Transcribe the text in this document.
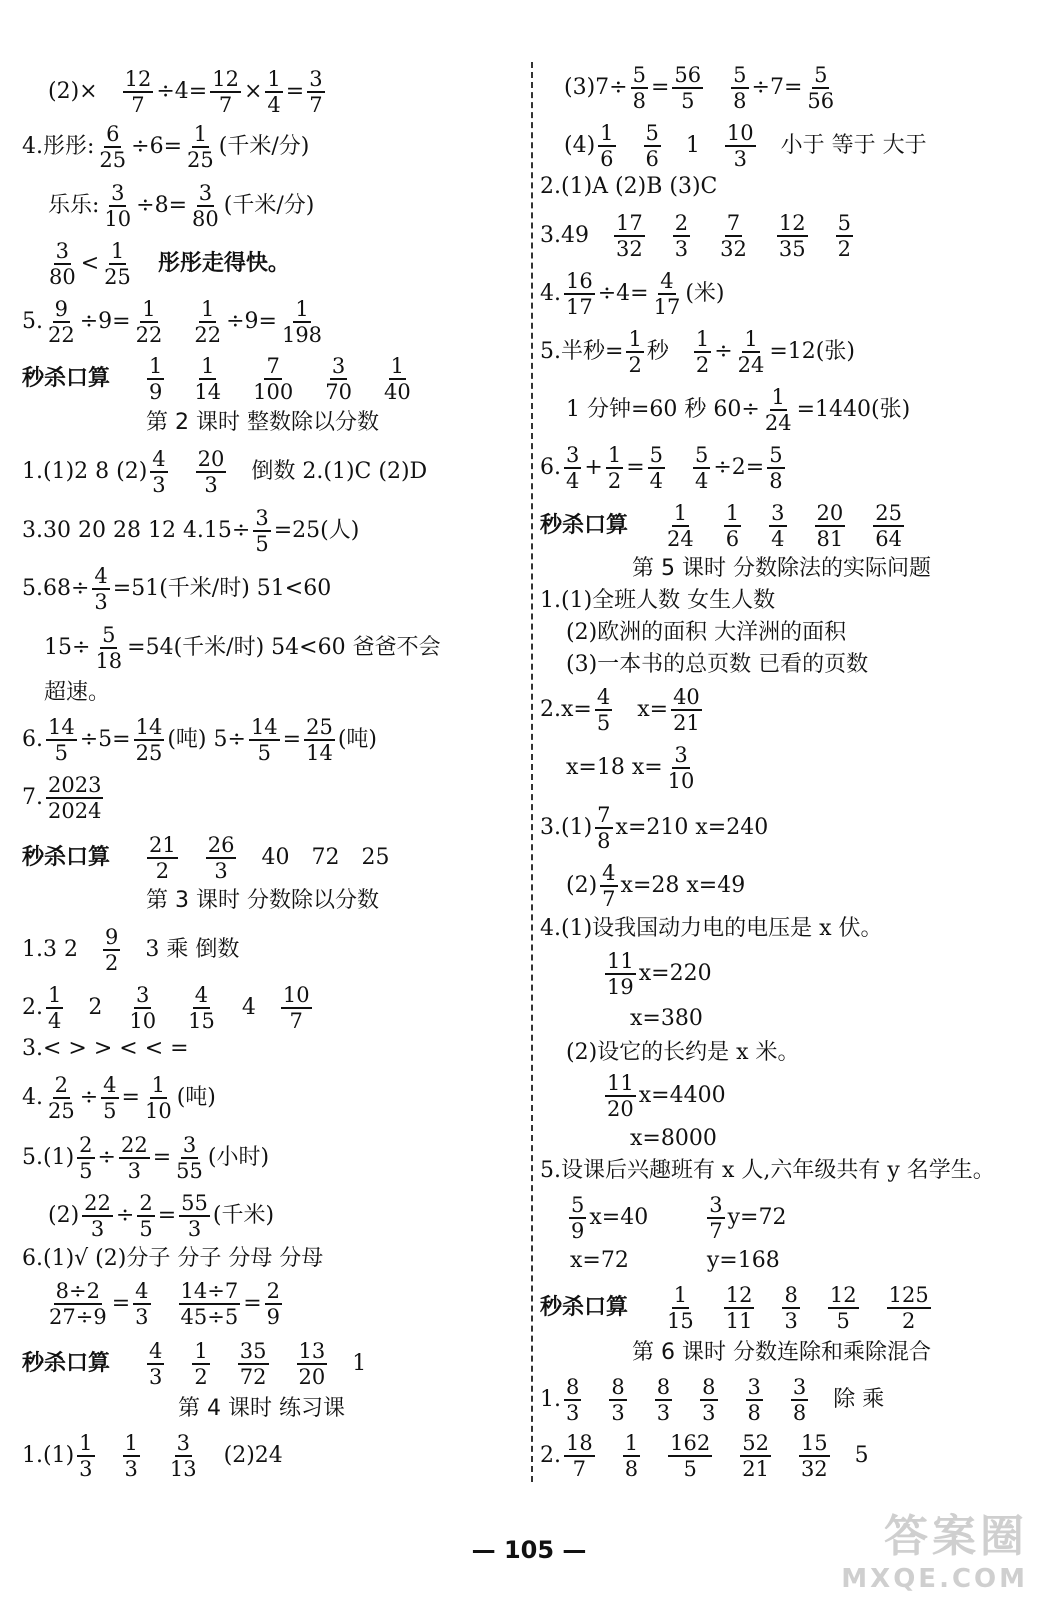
$(2)\times \frac{12}{7} \div 4= \frac{12}{7} \times \frac{1}{4} = \frac{3}{7}$
4.彤彤: $\frac{6}{25} \div 6= \frac{1}{25}$ (千米/分)
乐乐: $\frac{3}{10} \div 8= \frac{3}{80}$ (千米/分)
$\frac{3}{80} < \frac{1}{25}$ 彤彤走得快。
5. $\frac{9}{22} \div 9= \frac{1}{22} \frac{1}{22} \div 9= \frac{1}{198}$
秒杀口算 $\frac{1}{9} \frac{1}{14} \frac{7}{100} \frac{3}{70} \frac{1}{40}$
第 2 课时 整数除以分数
1.(1)2 8 $(2) \frac{4}{3} \frac{20}{3}$ 倒数 2.(1)C (2)D
3.30 20 28 12 $4.15\div \frac{3}{5} =25$(人)
$5.68\div \frac{4}{3} =51$(千米/时) 51<60
$15\div \frac{5}{18} =54$(千米/时) 54<60 爸爸不会
超速。
6. $\frac{14}{5} \div 5= \frac{14}{25}$ (吨) $5\div \frac{14}{5} = \frac{25}{14}$ (吨)
7. $\frac{2023}{2024}$
秒杀口算 $\frac{21}{2} \frac{26}{3} 40$ 72 25
第 3 课时 分数除以分数
1.3 $2 \frac{9}{2} 3$ 乘 倒数
2. $\frac{1}{4} 2 \frac{3}{10} \frac{4}{15} 4 \frac{10}{7}$
3.< > > < < =
4. $\frac{2}{25} \div \frac{4}{5} = \frac{1}{10}$ (吨)
$5.(1) \frac{2}{5} \div \frac{22}{3} = \frac{3}{55}$ (小时)
$(2) \frac{22}{3} \div \frac{2}{5} = \frac{55}{3}$ (千米)
6.(1)√ (2)分子 分子 分母 分母
$\frac{8\div 2}{27\div 9} = \frac{4}{3} \frac{14\div 7}{45\div 5} = \frac{2}{9}$
秒杀口算 $\frac{4}{3} \frac{1}{2} \frac{35}{72} \frac{13}{20} 1$
第 4 课时 练习课
$1.(1) \frac{1}{3} \frac{1}{3} \frac{3}{13} (2)24$
$(3)7\div \frac{5}{8} = \frac{56}{5} \frac{5}{8} \div 7= \frac{5}{56}$
$(4) \frac{1}{6} \frac{5}{6} 1 \frac{10}{3}$ 小于 等于 大于
2.(1)A (2)B (3)C
$3.49 \frac{17}{32} \frac{2}{3} \frac{7}{32} \frac{12}{35} \frac{5}{2}$
4. $\frac{16}{17} \div 4= \frac{4}{17}$ (米)
5.半秒= $\frac{1}{2}$ 秒 $\frac{1}{2} \div \frac{1}{24} =12$(张)
1 分钟=60 秒 $60\div \frac{1}{24} =1440$(张)
6. $\frac{3}{4} + \frac{1}{2} = \frac{5}{4} \frac{5}{4} \div 2= \frac{5}{8}$
秒杀口算 $\frac{1}{24} \frac{1}{6} \frac{3}{4} \frac{20}{81} \frac{25}{64}$
第 5 课时 分数除法的实际问题
1.(1)全班人数 女生人数
(2)欧洲的面积 大洋洲的面积
(3)一本书的总页数 已看的页数
$2.x= \frac{4}{5} x= \frac{40}{21}$
x=18 $x= \frac{3}{10}$
$3.(1) \frac{7}{8} x=210$ x=240
$(2) \frac{4}{7} x=28$ x=49
4.(1)设我国动力电的电压是 x 伏。
$\frac{11}{19} x=220$
x=380
(2)设它的长约是 x 米。
$\frac{11}{20} x=4400$
x=8000
5.设课后兴趣班有 x 人,六年级共有 y 名学生。
$\frac{5}{9} x=40$	$\frac{3}{7} y=72$
x=72	y=168
秒杀口算 $\frac{1}{15} \frac{12}{11} \frac{8}{3} \frac{12}{5} \frac{125}{2}$
第 6 课时 分数连除和乘除混合
1. $\frac{8}{3} \frac{8}{3} \frac{8}{3} \frac{8}{3} \frac{3}{8} \frac{3}{8}$ 除 乘
2. $\frac{18}{7} \frac{1}{8} \frac{162}{5} \frac{52}{21} \frac{15}{32} 5$
— 105 —	答案圈
MXQE.COM
